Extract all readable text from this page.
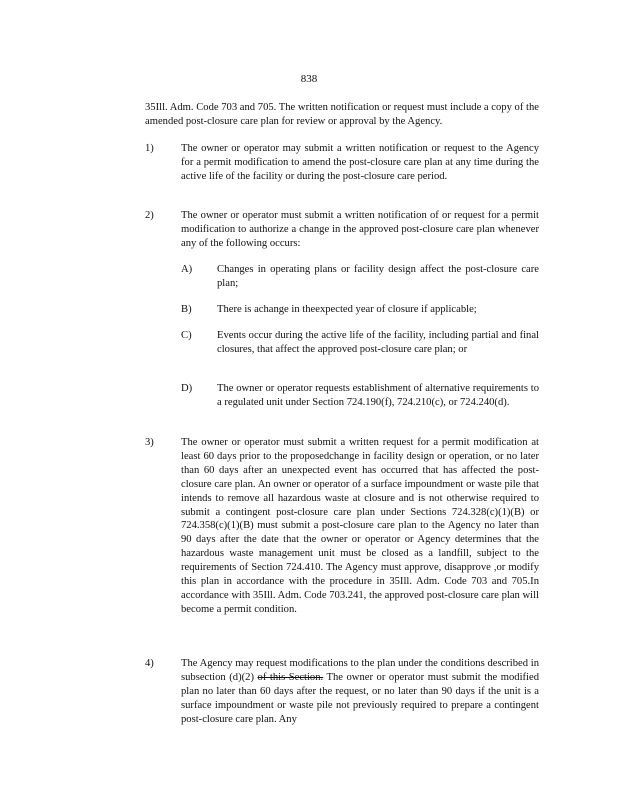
838
35Ill. Adm. Code 703 and 705. The written notification or request must include a copy of the amended post-closure care plan for review or approval by the Agency.
1)	The owner or operator may submit a written notification or request to the Agency for a permit modification to amend the post-closure care plan at any time during the active life of the facility or during the post-closure care period.
2)	The owner or operator must submit a written notification of or request for a permit modification to authorize a change in the approved post-closure care plan whenever any of the following occurs:
A) Changes in operating plans or facility design affect the post-closure care plan;
B) There is achange in theexpected year of closure if applicable;
C) Events occur during the active life of the facility, including partial and final closures, that affect the approved post-closure care plan; or
D) The owner or operator requests establishment of alternative requirements to a regulated unit under Section 724.190(f), 724.210(c), or 724.240(d).
3)	The owner or operator must submit a written request for a permit modification at least 60 days prior to the proposedchange in facility design or operation, or no later than 60 days after an unexpected event has occurred that has affected the post-closure care plan. An owner or operator of a surface impoundment or waste pile that intends to remove all hazardous waste at closure and is not otherwise required to submit a contingent post-closure care plan under Sections 724.328(c)(1)(B) or 724.358(c)(1)(B) must submit a post-closure care plan to the Agency no later than 90 days after the date that the owner or operator or Agency determines that the hazardous waste management unit must be closed as a landfill, subject to the requirements of Section 724.410. The Agency must approve, disapprove ,or modify this plan in accordance with the procedure in 35Ill. Adm. Code 703 and 705.In accordance with 35Ill. Adm. Code 703.241, the approved post-closure care plan will become a permit condition.
4)	The Agency may request modifications to the plan under the conditions described in subsection (d)(2) of this Section. The owner or operator must submit the modified plan no later than 60 days after the request, or no later than 90 days if the unit is a surface impoundment or waste pile not previously required to prepare a contingent post-closure care plan. Any
